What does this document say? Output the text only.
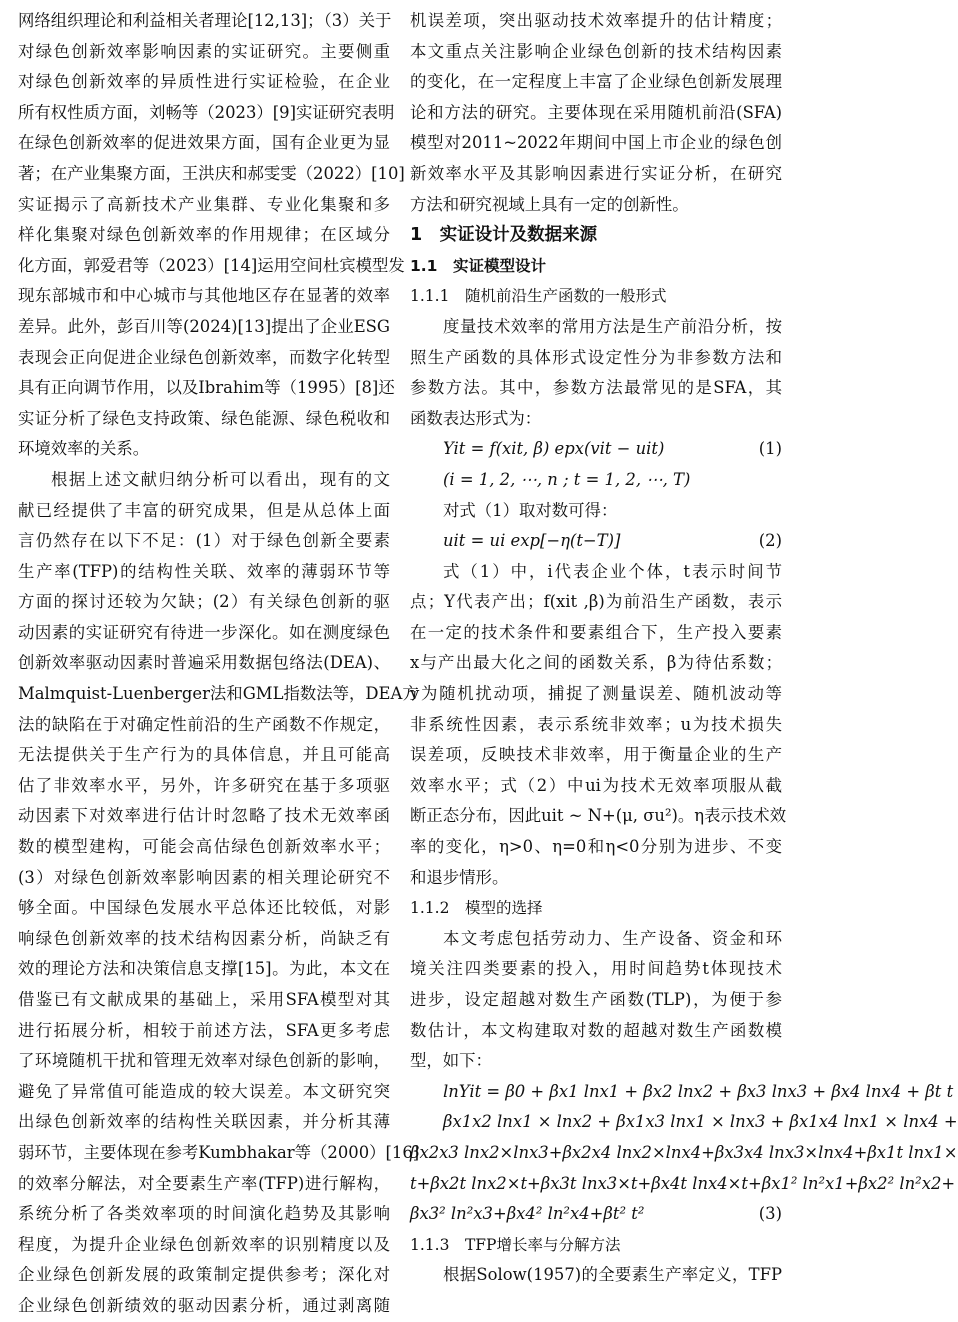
网络组织理论和利益相关者理论[12,13]；（3）关于
对绿色创新效率影响因素的实证研究。主要侧重
对绿色创新效率的异质性进行实证检验，在企业
所有权性质方面，刘畅等（2023）[9]实证研究表明
在绿色创新效率的促进效果方面，国有企业更为显
著；在产业集聚方面，王洪庆和郝雯雯（2022）[10]
实证揭示了高新技术产业集群、专业化集聚和多
样化集聚对绿色创新效率的作用规律；在区域分
化方面，郭爱君等（2023）[14]运用空间杜宾模型发
现东部城市和中心城市与其他地区存在显著的效率
差异。此外，彭百川等(2024)[13]提出了企业ESG
表现会正向促进企业绿色创新效率，而数字化转型
具有正向调节作用，以及Ibrahim等（1995）[8]还
实证分析了绿色支持政策、绿色能源、绿色税收和
环境效率的关系。
根据上述文献归纳分析可以看出，现有的文
献已经提供了丰富的研究成果，但是从总体上面
言仍然存在以下不足：(1）对于绿色创新全要素
生产率(TFP)的结构性关联、效率的薄弱环节等
方面的探讨还较为欠缺；(2）有关绿色创新的驱
动因素的实证研究有待进一步深化。如在测度绿色
创新效率驱动因素时普遍采用数据包络法(DEA)、
Malmquist-Luenberger法和GML指数法等，DEA方
法的缺陷在于对确定性前沿的生产函数不作规定，
无法提供关于生产行为的具体信息，并且可能高
估了非效率水平，另外，许多研究在基于多项驱
动因素下对效率进行估计时忽略了技术无效率函
数的模型建构，可能会高估绿色创新效率水平；
(3）对绿色创新效率影响因素的相关理论研究不
够全面。中国绿色发展水平总体还比较低，对影
响绿色创新效率的技术结构因素分析，尚缺乏有
效的理论方法和决策信息支撑[15]。为此，本文在
借鉴已有文献成果的基础上，采用SFA模型对其
进行拓展分析，相较于前述方法，SFA更多考虑
了环境随机干扰和管理无效率对绿色创新的影响，
避免了异常值可能造成的较大误差。本文研究突
出绿色创新效率的结构性关联因素，并分析其薄
弱环节，主要体现在参考Kumbhakar等（2000）[16]
的效率分解法，对全要素生产率(TFP)进行解构，
系统分析了各类效率项的时间演化趋势及其影响
程度，为提升企业绿色创新效率的识别精度以及
企业绿色创新发展的政策制定提供参考；深化对
企业绿色创新绩效的驱动因素分析，通过剥离随
机误差项，突出驱动技术效率提升的估计精度；
本文重点关注影响企业绿色创新的技术结构因素
的变化，在一定程度上丰富了企业绿色创新发展理
论和方法的研究。主要体现在采用随机前沿(SFA)
模型对2011~2022年期间中国上市企业的绿色创
新效率水平及其影响因素进行实证分析，在研究
方法和研究视域上具有一定的创新性。
1　实证设计及数据来源
1.1　实证模型设计
1.1.1　随机前沿生产函数的一般形式
度量技术效率的常用方法是生产前沿分析，按
照生产函数的具体形式设定性分为非参数方法和
参数方法。其中，参数方法最常见的是SFA，其
函数表达形式为：
Yit = f(xit, β) epx(vit − uit)	(1)
(i = 1, 2, ⋯, n ; t = 1, 2, ⋯, T)
对式（1）取对数可得：
uit = ui exp[−η(t−T)]	(2)
式（1）中，i代表企业个体，t表示时间节
点；Y代表产出；f(xit ,β)为前沿生产函数，表示
在一定的技术条件和要素组合下，生产投入要素
x与产出最大化之间的函数关系，β为待估系数；
v为随机扰动项，捕捉了测量误差、随机波动等
非系统性因素，表示系统非效率；u为技术损失
误差项，反映技术非效率，用于衡量企业的生产
效率水平；式（2）中ui为技术无效率项服从截
断正态分布，因此uit ~ N+(μ, σu²)。η表示技术效
率的变化，η>0、η=0和η<0分别为进步、不变
和退步情形。
1.1.2　模型的选择
本文考虑包括劳动力、生产设备、资金和环
境关注四类要素的投入，用时间趋势t体现技术
进步，设定超越对数生产函数(TLP)，为便于参
数估计，本文构建取对数的超越对数生产函数模
型，如下：
lnYit = β0 + βx1 lnx1 + βx2 lnx2 + βx3 lnx3 + βx4 lnx4 + βt t
βx1x2 lnx1 × lnx2 + βx1x3 lnx1 × lnx3 + βx1x4 lnx1 × lnx4 +
βx2x3 lnx2×lnx3+βx2x4 lnx2×lnx4+βx3x4 lnx3×lnx4+βx1t lnx1×
t+βx2t lnx2×t+βx3t lnx3×t+βx4t lnx4×t+βx1² ln²x1+βx2² ln²x2+
βx3² ln²x3+βx4² ln²x4+βt² t²	(3)
1.1.3　TFP增长率与分解方法
根据Solow(1957)的全要素生产率定义，TFP
